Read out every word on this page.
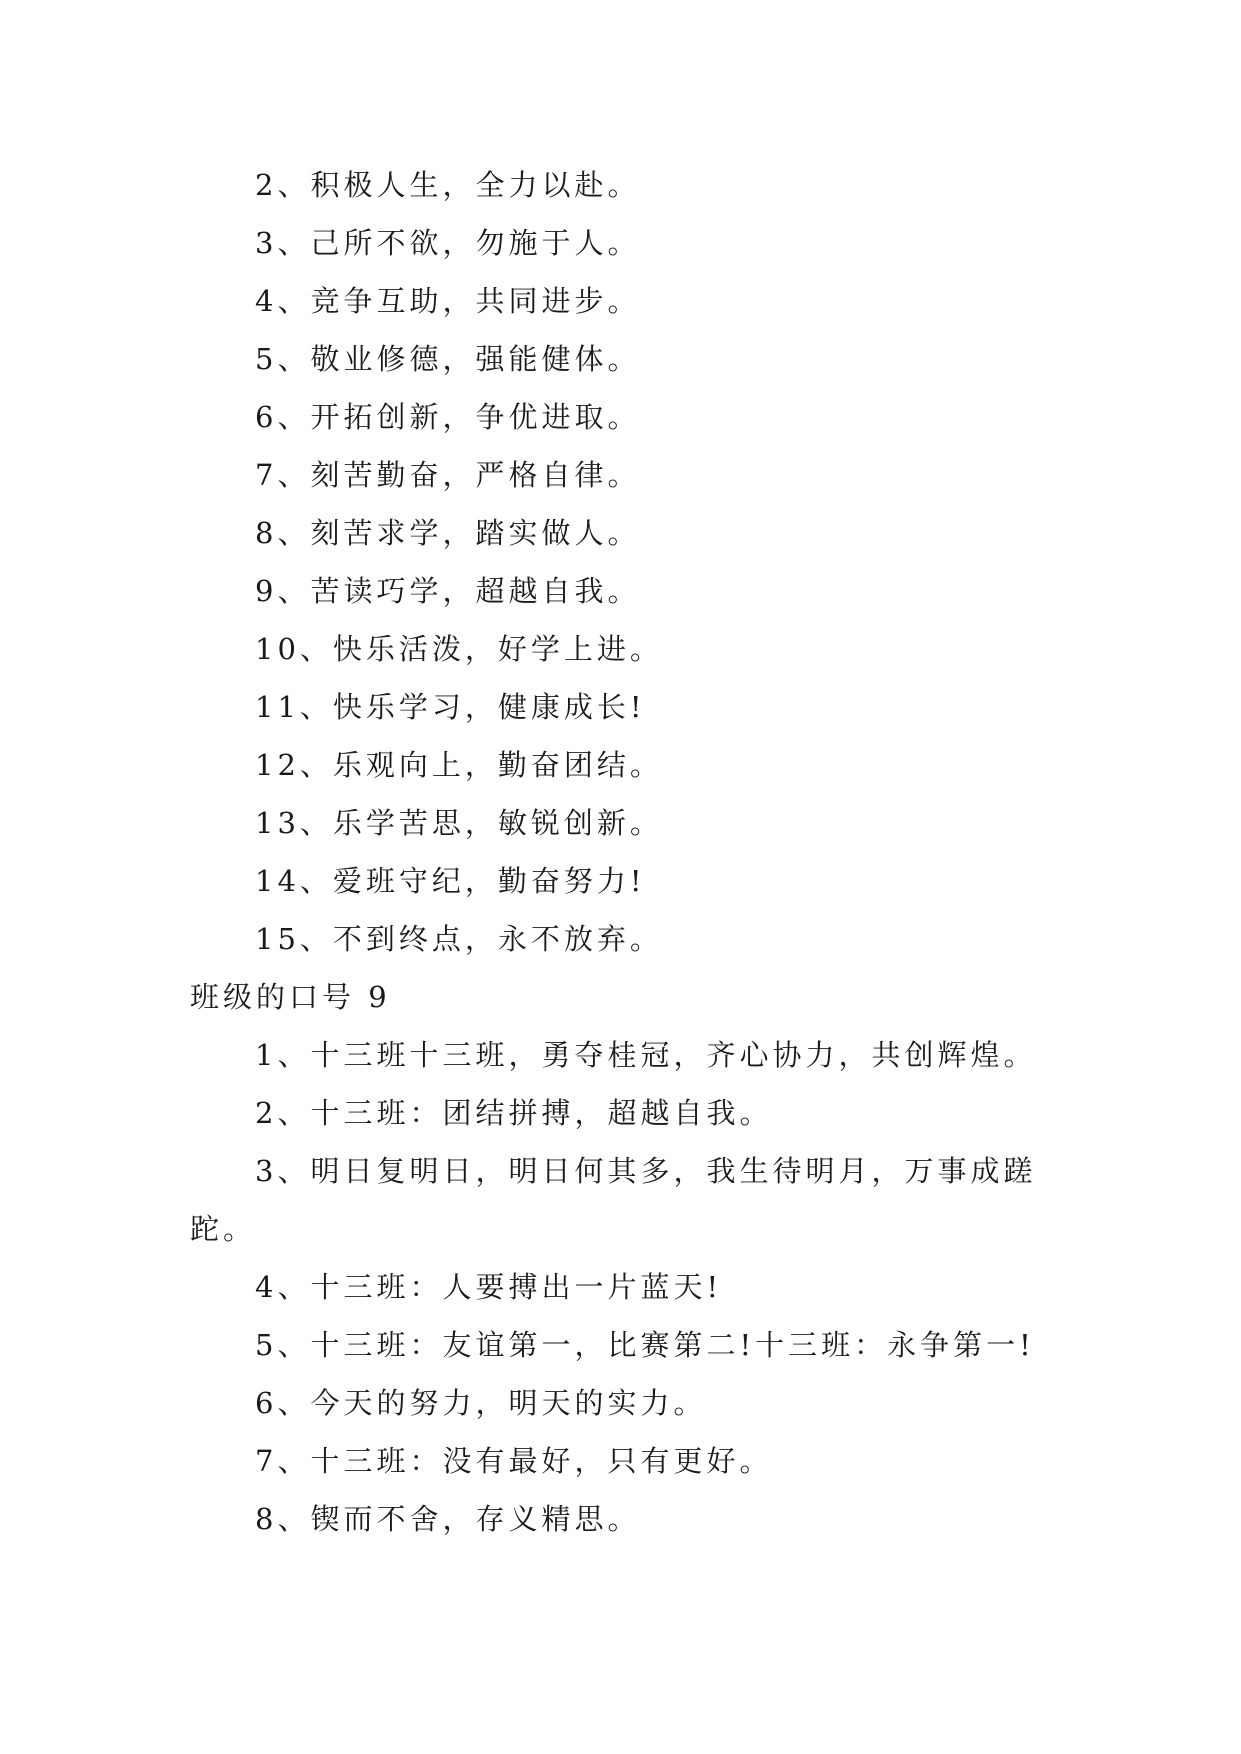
2、积极人生，全力以赴。
3、己所不欲，勿施于人。
4、竞争互助，共同进步。
5、敬业修德，强能健体。
6、开拓创新，争优进取。
7、刻苦勤奋，严格自律。
8、刻苦求学，踏实做人。
9、苦读巧学，超越自我。
10、快乐活泼，好学上进。
11、快乐学习，健康成长!
12、乐观向上，勤奋团结。
13、乐学苦思，敏锐创新。
14、爱班守纪，勤奋努力!
15、不到终点，永不放弃。
班级的口号 9
1、十三班十三班，勇夺桂冠，齐心协力，共创辉煌。
2、十三班：团结拼搏，超越自我。
3、明日复明日，明日何其多，我生待明月，万事成蹉
跎。
4、十三班：人要搏出一片蓝天!
5、十三班：友谊第一，比赛第二!十三班：永争第一!
6、今天的努力，明天的实力。
7、十三班：没有最好，只有更好。
8、锲而不舍，存义精思。
